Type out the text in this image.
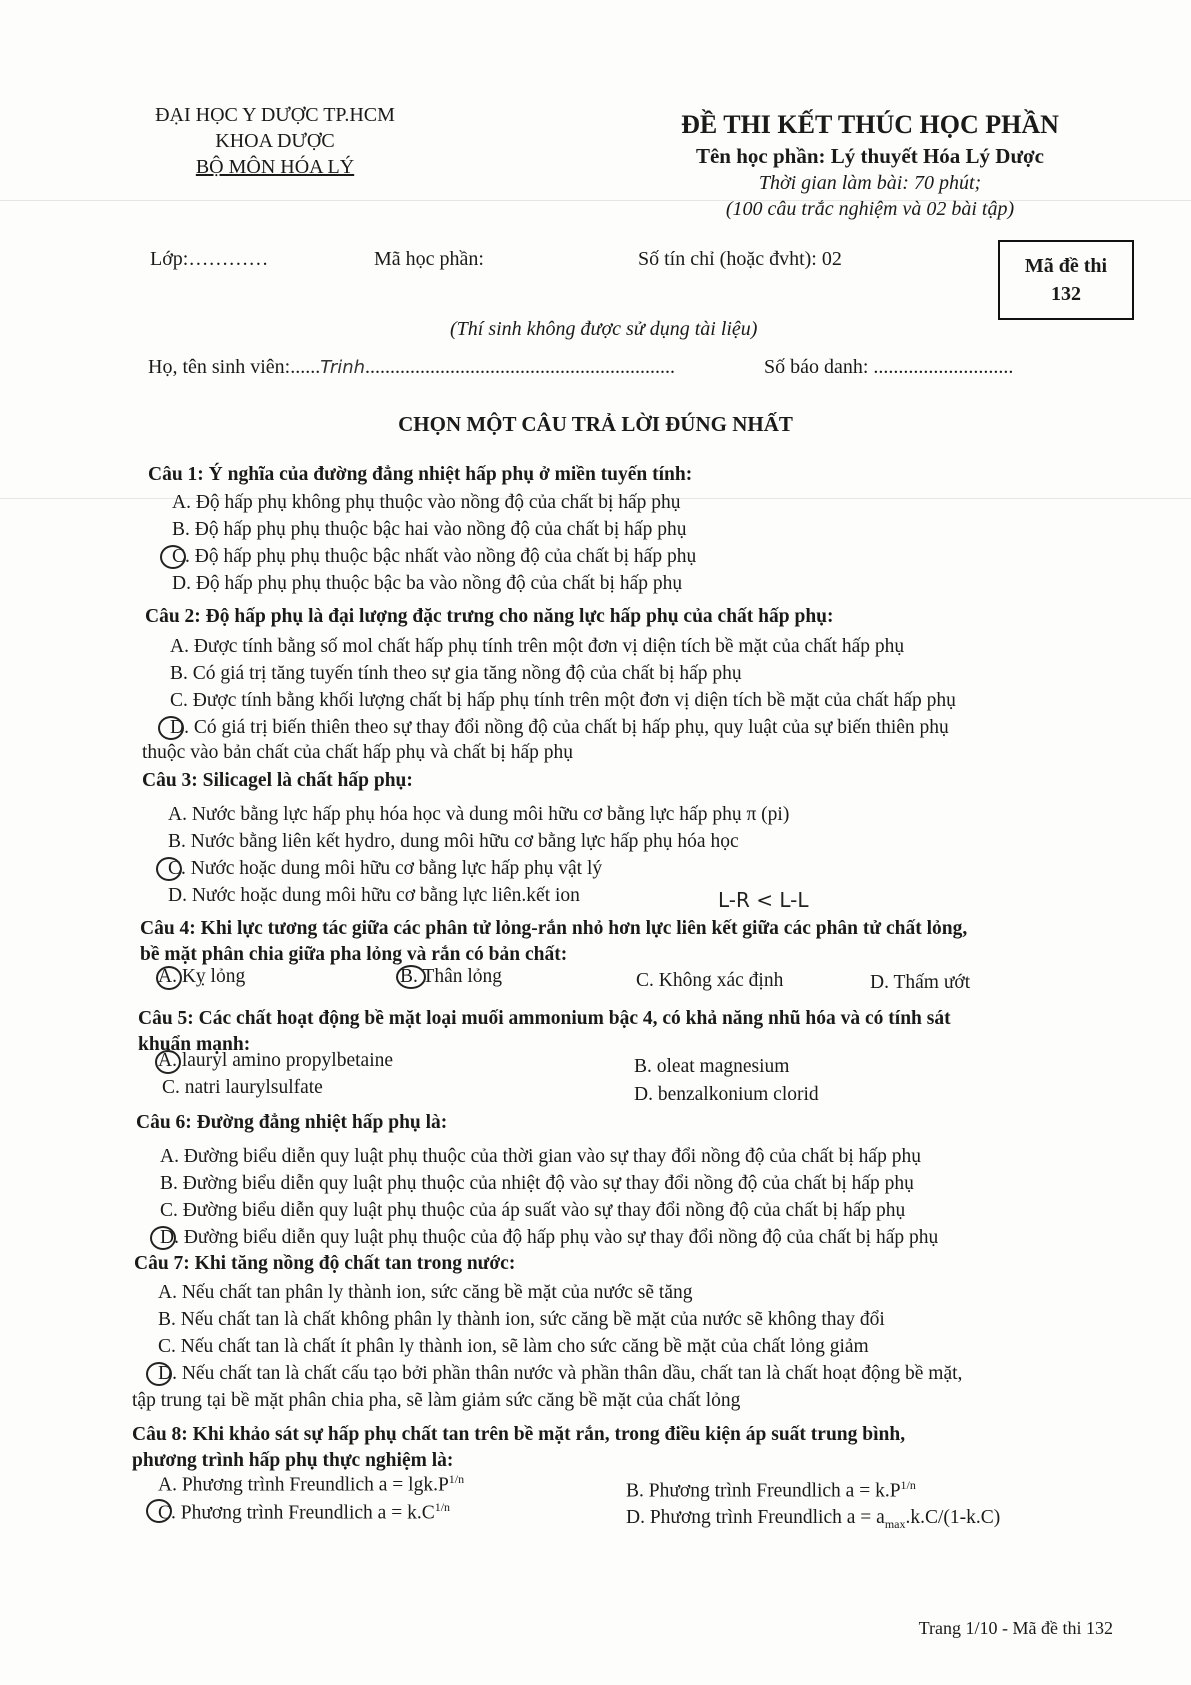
ĐẠI HỌC Y DƯỢC TP.HCM
KHOA DƯỢC
BỘ MÔN HÓA LÝ
ĐỀ THI KẾT THÚC HỌC PHẦN
Tên học phần: Lý thuyết Hóa Lý Dược
Thời gian làm bài: 70 phút;
(100 câu trắc nghiệm và 02 bài tập)
Lớp:…………	Mã học phần:	Số tín chỉ (hoặc đvht): 02	Mã đề thi
132
(Thí sinh không được sử dụng tài liệu)
Họ, tên sinh viên:......Trinh..............................................................	Số báo danh: ............................
CHỌN MỘT CÂU TRẢ LỜI ĐÚNG NHẤT
Câu 1: Ý nghĩa của đường đẳng nhiệt hấp phụ ở miền tuyến tính:
A. Độ hấp phụ không phụ thuộc vào nồng độ của chất bị hấp phụ
B. Độ hấp phụ phụ thuộc bậc hai vào nồng độ của chất bị hấp phụ
C. Độ hấp phụ phụ thuộc bậc nhất vào nồng độ của chất bị hấp phụ
D. Độ hấp phụ phụ thuộc bậc ba vào nồng độ của chất bị hấp phụ
Câu 2: Độ hấp phụ là đại lượng đặc trưng cho năng lực hấp phụ của chất hấp phụ:
A. Được tính bằng số mol chất hấp phụ tính trên một đơn vị diện tích bề mặt của chất hấp phụ
B. Có giá trị tăng tuyến tính theo sự gia tăng nồng độ của chất bị hấp phụ
C. Được tính bằng khối lượng chất bị hấp phụ tính trên một đơn vị diện tích bề mặt của chất hấp phụ
D. Có giá trị biến thiên theo sự thay đổi nồng độ của chất bị hấp phụ, quy luật của sự biến thiên phụ
thuộc vào bản chất của chất hấp phụ và chất bị hấp phụ
Câu 3: Silicagel là chất hấp phụ:
A. Nước bằng lực hấp phụ hóa học và dung môi hữu cơ bằng lực hấp phụ π (pi)
B. Nước bằng liên kết hydro, dung môi hữu cơ bằng lực hấp phụ hóa học
C. Nước hoặc dung môi hữu cơ bằng lực hấp phụ vật lý
D. Nước hoặc dung môi hữu cơ bằng lực liên.kết ion	L-R < L-L
Câu 4: Khi lực tương tác giữa các phân tử lỏng-rắn nhỏ hơn lực liên kết giữa các phân tử chất lỏng,
bề mặt phân chia giữa pha lỏng và rắn có bản chất:
A. Kỵ lỏng	B. Thân lỏng	C. Không xác định	D. Thấm ướt
Câu 5: Các chất hoạt động bề mặt loại muối ammonium bậc 4, có khả năng nhũ hóa và có tính sát
khuẩn mạnh:
A. lauryl amino propylbetaine	B. oleat magnesium
C. natri laurylsulfate	D. benzalkonium clorid
Câu 6: Đường đẳng nhiệt hấp phụ là:
A. Đường biểu diễn quy luật phụ thuộc của thời gian vào sự thay đổi nồng độ của chất bị hấp phụ
B. Đường biểu diễn quy luật phụ thuộc của nhiệt độ vào sự thay đổi nồng độ của chất bị hấp phụ
C. Đường biểu diễn quy luật phụ thuộc của áp suất vào sự thay đổi nồng độ của chất bị hấp phụ
D. Đường biểu diễn quy luật phụ thuộc của độ hấp phụ vào sự thay đổi nồng độ của chất bị hấp phụ
Câu 7: Khi tăng nồng độ chất tan trong nước:
A. Nếu chất tan phân ly thành ion, sức căng bề mặt của nước sẽ tăng
B. Nếu chất tan là chất không phân ly thành ion, sức căng bề mặt của nước sẽ không thay đổi
C. Nếu chất tan là chất ít phân ly thành ion, sẽ làm cho sức căng bề mặt của chất lỏng giảm
D. Nếu chất tan là chất cấu tạo bởi phần thân nước và phần thân dầu, chất tan là chất hoạt động bề mặt,
tập trung tại bề mặt phân chia pha, sẽ làm giảm sức căng bề mặt của chất lỏng
Câu 8: Khi khảo sát sự hấp phụ chất tan trên bề mặt rắn, trong điều kiện áp suất trung bình,
phương trình hấp phụ thực nghiệm là:
A. Phương trình Freundlich $a = \lg k.P^{1/n}$
B. Phương trình Freundlich $a = k.P^{1/n}$
C. Phương trình Freundlich $a = k.C^{1/n}$	D. Phương trình Freundlich $a = a_{max}.k.C/(1-k.C)$
Trang 1/10 - Mã đề thi 132
